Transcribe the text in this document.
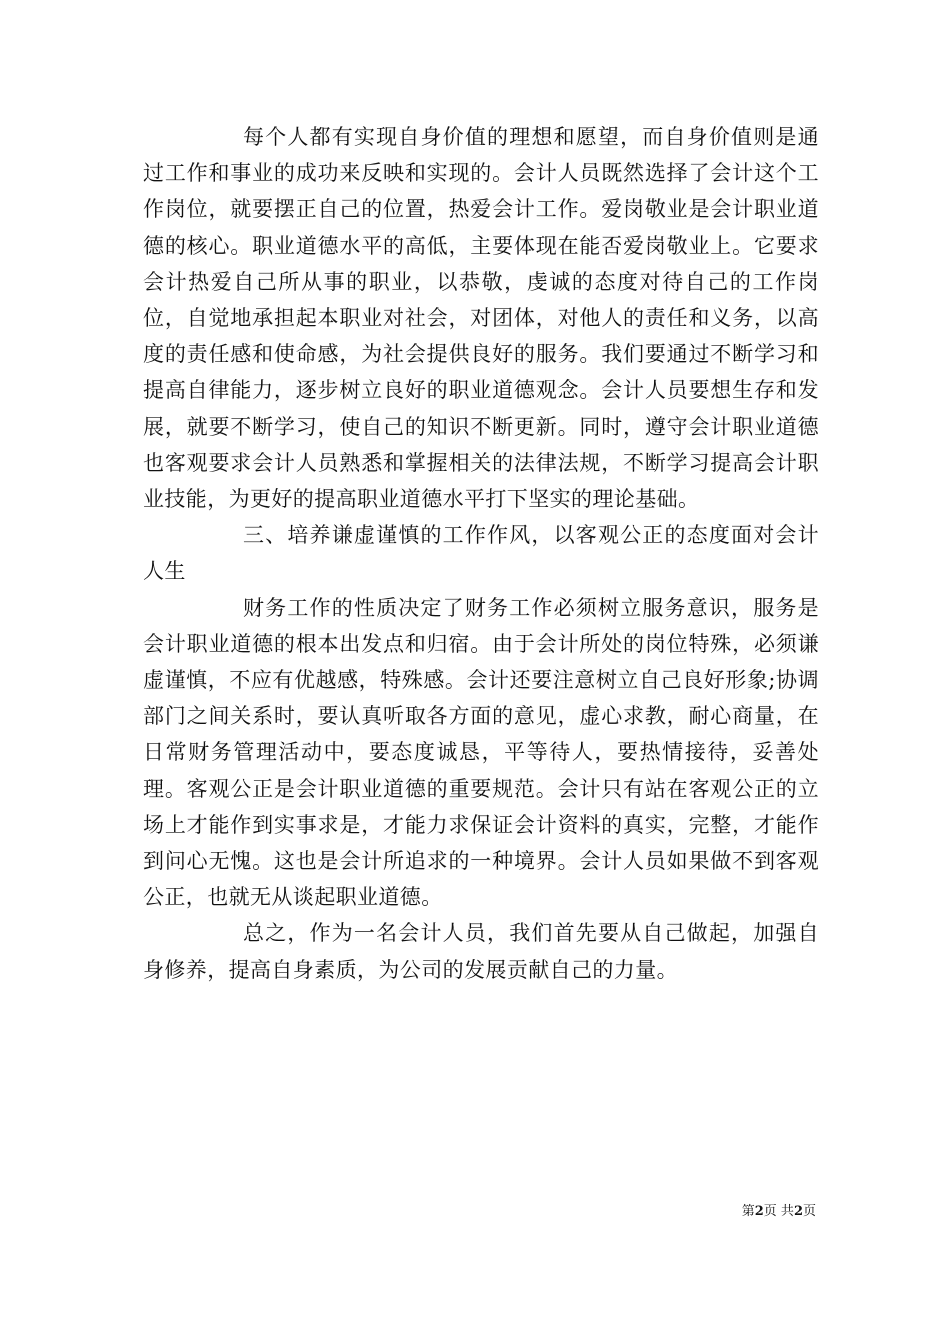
每个人都有实现自身价值的理想和愿望，而自身价值则是通过工作和事业的成功来反映和实现的。会计人员既然选择了会计这个工作岗位，就要摆正自己的位置，热爱会计工作。爱岗敬业是会计职业道德的核心。职业道德水平的高低，主要体现在能否爱岗敬业上。它要求会计热爱自己所从事的职业，以恭敬，虔诚的态度对待自己的工作岗位，自觉地承担起本职业对社会，对团体，对他人的责任和义务，以高度的责任感和使命感，为社会提供良好的服务。我们要通过不断学习和提高自律能力，逐步树立良好的职业道德观念。会计人员要想生存和发展，就要不断学习，使自己的知识不断更新。同时，遵守会计职业道德也客观要求会计人员熟悉和掌握相关的法律法规，不断学习提高会计职业技能，为更好的提高职业道德水平打下坚实的理论基础。

三、培养谦虚谨慎的工作作风，以客观公正的态度面对会计人生

财务工作的性质决定了财务工作必须树立服务意识，服务是会计职业道德的根本出发点和归宿。由于会计所处的岗位特殊，必须谦虚谨慎，不应有优越感，特殊感。会计还要注意树立自己良好形象;协调部门之间关系时，要认真听取各方面的意见，虚心求教，耐心商量，在日常财务管理活动中，要态度诚恳，平等待人，要热情接待，妥善处理。客观公正是会计职业道德的重要规范。会计只有站在客观公正的立场上才能作到实事求是，才能力求保证会计资料的真实，完整，才能作到问心无愧。这也是会计所追求的一种境界。会计人员如果做不到客观公正，也就无从谈起职业道德。

总之，作为一名会计人员，我们首先要从自己做起，加强自身修养，提高自身素质，为公司的发展贡献自己的力量。

第2页 共2页
